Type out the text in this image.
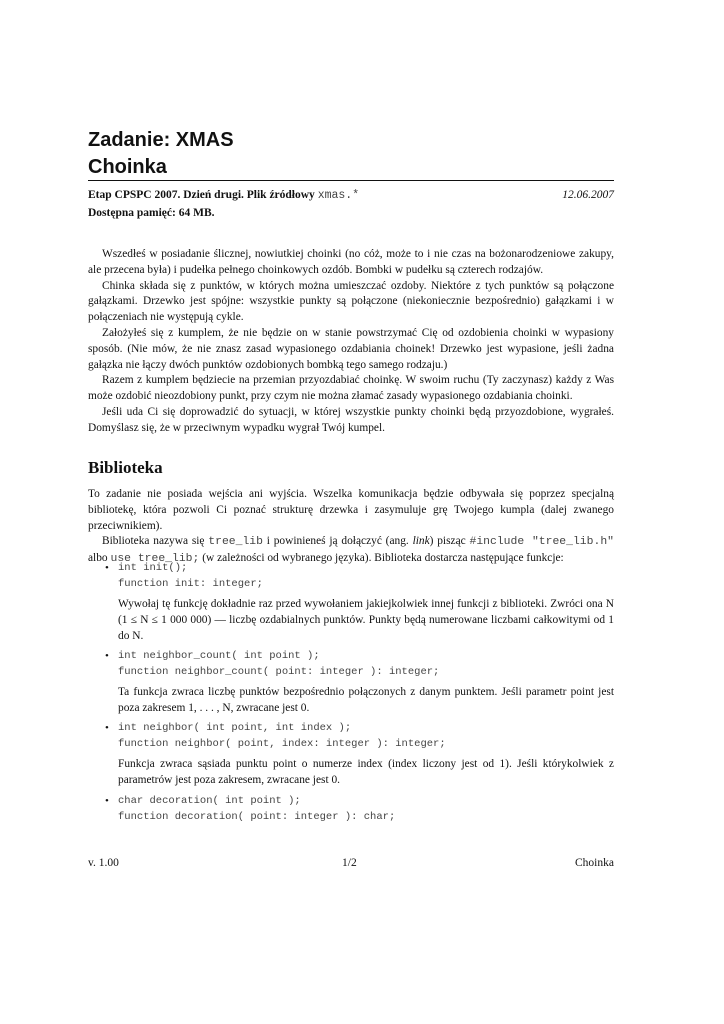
Zadanie: XMAS
Choinka
Etap CPSPC 2007. Dzień drugi. Plik źródłowy xmas.*	12.06.2007
Dostępna pamięć: 64 MB.

Wszedłeś w posiadanie ślicznej, nowiutkiej choinki (no cóż, może to i nie czas na bożonarodzeniowe zakupy, ale przecena była) i pudełka pełnego choinkowych ozdób. Bombki w pudełku są czterech rodzajów.

Chinka składa się z punktów, w których można umieszczać ozdoby. Niektóre z tych punktów są połączone gałązkami. Drzewko jest spójne: wszystkie punkty są połączone (niekoniecznie bezpośrednio) gałązkami i w połączeniach nie występują cykle.

Założyłeś się z kumplem, że nie będzie on w stanie powstrzymać Cię od ozdobienia choinki w wypasiony sposób. (Nie mów, że nie znasz zasad wypasionego ozdabiania choinek! Drzewko jest wypasione, jeśli żadna gałązka nie łączy dwóch punktów ozdobionych bombką tego samego rodzaju.)

Razem z kumplem będziecie na przemian przyozdabiać choinkę. W swoim ruchu (Ty zaczynasz) każdy z Was może ozdobić nieozdobiony punkt, przy czym nie można złamać zasady wypasionego ozdabiania choinki.

Jeśli uda Ci się doprowadzić do sytuacji, w której wszystkie punkty choinki będą przyozdobione, wygrałeś. Domyślasz się, że w przeciwnym wypadku wygrał Twój kumpel.

Biblioteka

To zadanie nie posiada wejścia ani wyjścia. Wszelka komunikacja będzie odbywała się poprzez specjalną bibliotekę, która pozwoli Ci poznać strukturę drzewka i zasymuluje grę Twojego kumpla (dalej zwanego przeciwnikiem).

Biblioteka nazywa się tree_lib i powinieneś ją dołączyć (ang. link) pisząc #include "tree_lib.h" albo use tree_lib; (w zależności od wybranego języka). Biblioteka dostarcza następujące funkcje:

• int init();
function init: integer;
Wywołaj tę funkcję dokładnie raz przed wywołaniem jakiejkolwiek innej funkcji z biblioteki. Zwróci ona N (1 ≤ N ≤ 1 000 000) — liczbę ozdabialnych punktów. Punkty będą numerowane liczbami całkowitymi od 1 do N.
• int neighbor_count( int point );
function neighbor_count( point: integer ): integer;
Ta funkcja zwraca liczbę punktów bezpośrednio połączonych z danym punktem. Jeśli parametr point jest poza zakresem 1, . . . , N, zwracane jest 0.
• int neighbor( int point, int index );
function neighbor( point, index: integer ): integer;
Funkcja zwraca sąsiada punktu point o numerze index (index liczony jest od 1). Jeśli którykolwiek z parametrów jest poza zakresem, zwracane jest 0.
• char decoration( int point );
function decoration( point: integer ): char;
v. 1.00	1/2	Choinka
